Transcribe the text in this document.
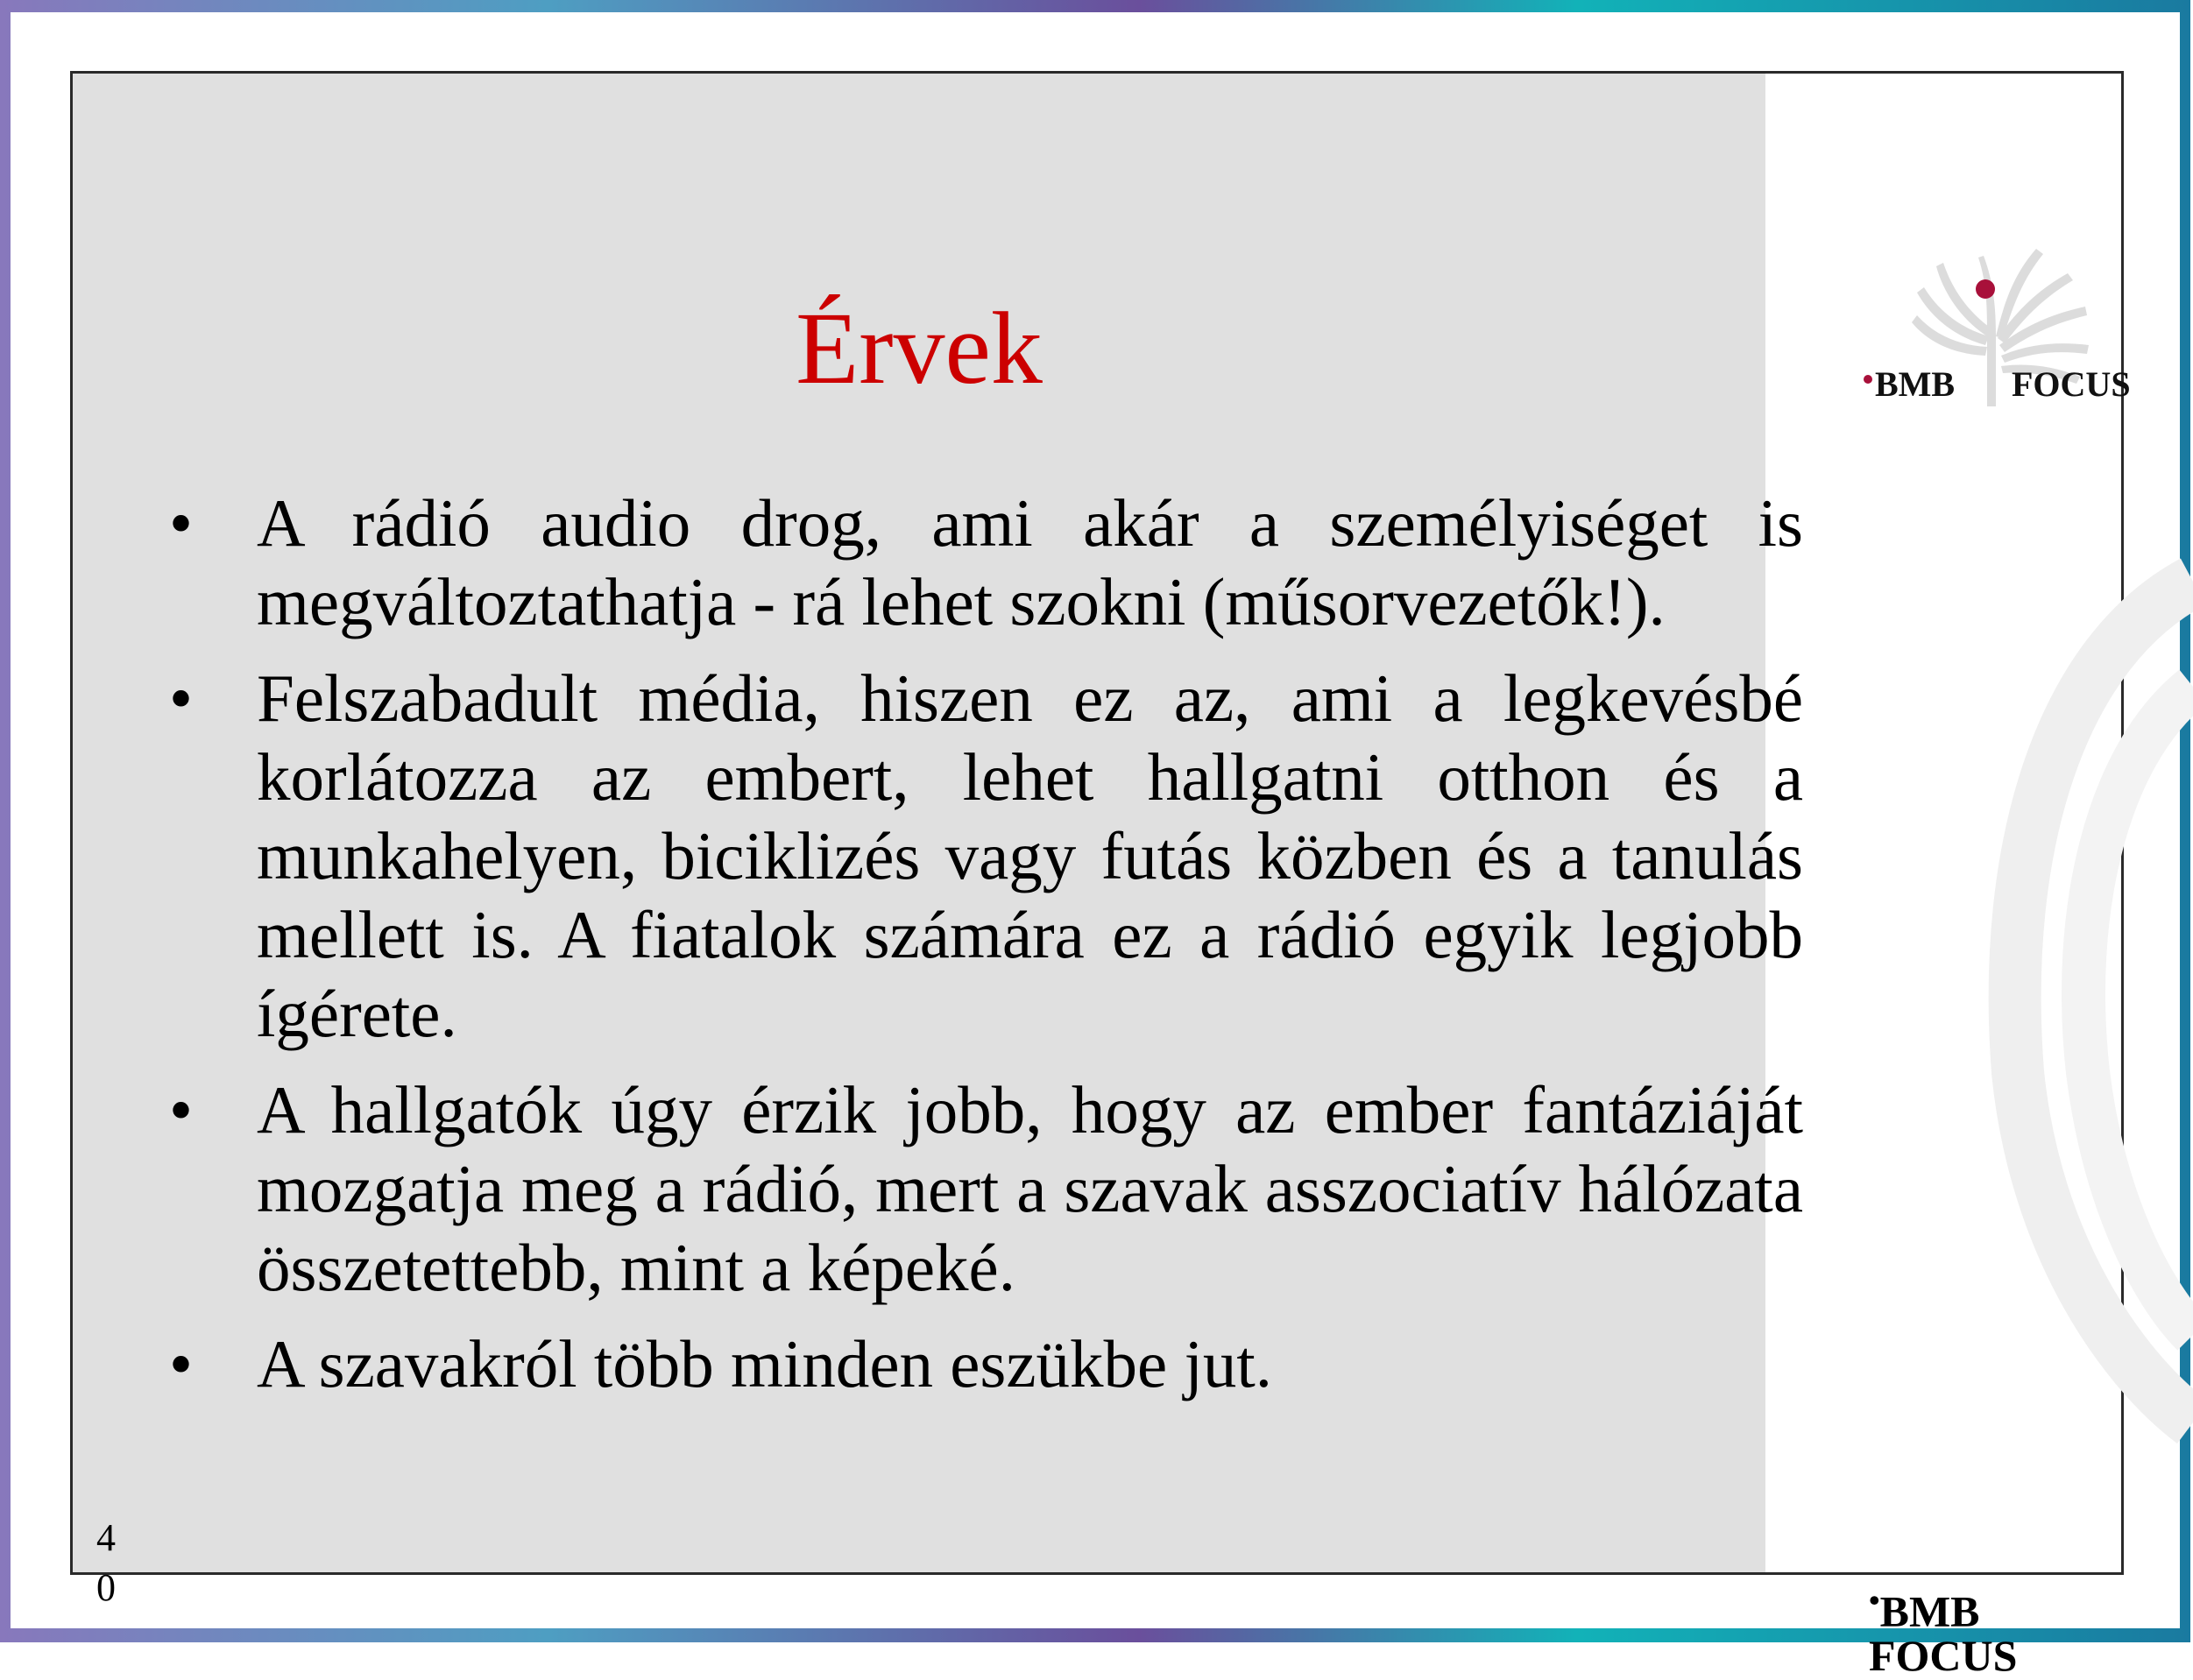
Érvek
• A rádió audio drog, ami akár a személyiséget is megváltoztathatja - rá lehet szokni (műsorvezetők!).
• Felszabadult média, hiszen ez az, ami a legkevésbé korlátozza az embert, lehet hallgatni otthon és a munkahelyen, biciklizés vagy futás közben és a tanulás mellett is. A fiatalok számára ez a rádió egyik legjobb ígérete.
• A hallgatók úgy érzik jobb, hogy az ember fantáziáját mozgatja meg a rádió, mert a szavak asszociatív hálózata összetettebb, mint a képeké.
• A szavakról több minden eszükbe jut.
BMB FOCUS
•BMB FOCUS
40
